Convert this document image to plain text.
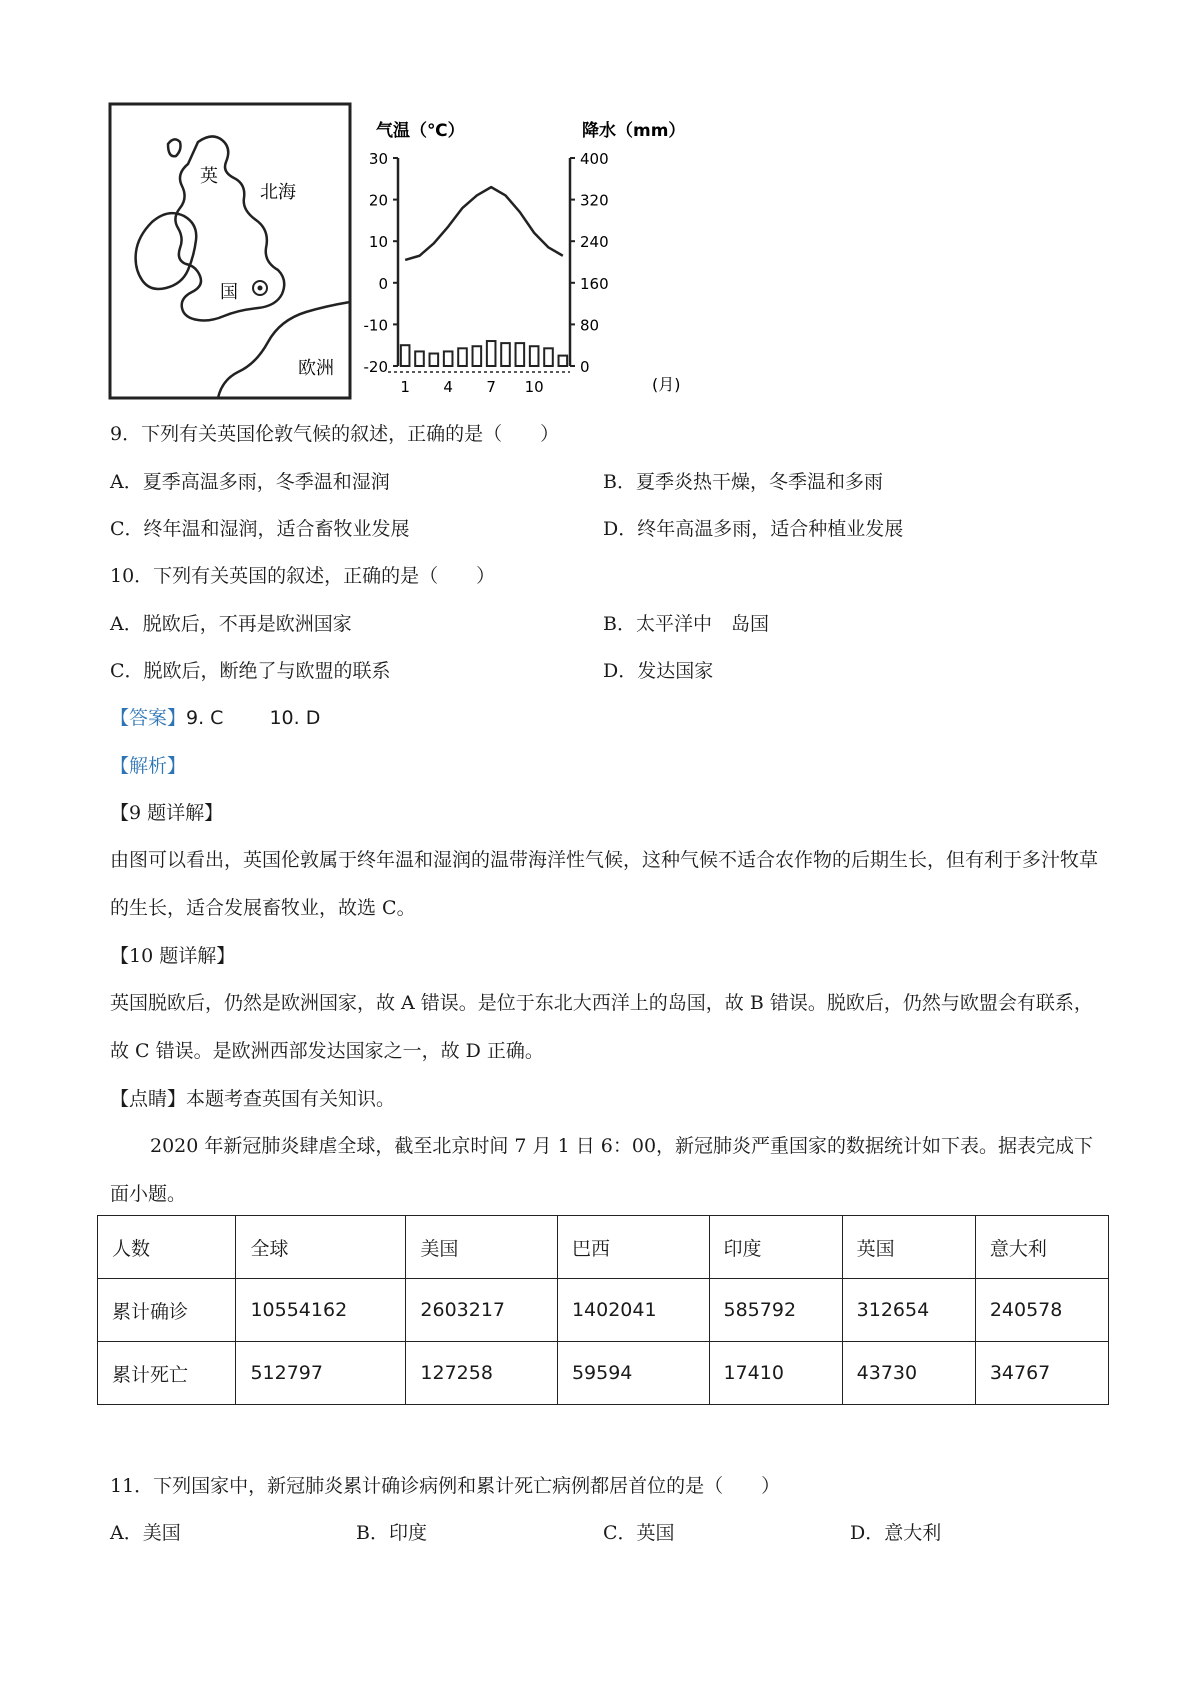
英
国
北海
欧洲
气温（℃）	降水（mm）
30
20
10
0
-10
-20
400
320
240
160
80
0
1 4 7 10	(月)
9．下列有关英国伦敦气候的叙述，正确的是（　　）
A．夏季高温多雨，冬季温和湿润	B．夏季炎热干燥，冬季温和多雨
C．终年温和湿润，适合畜牧业发展	D．终年高温多雨，适合种植业发展
10．下列有关英国的叙述，正确的是（　　）
A．脱欧后，不再是欧洲国家	B．太平洋中　岛国
C．脱欧后，断绝了与欧盟的联系	D．发达国家
【答案】9. C 10. D
【解析】
【9 题详解】
由图可以看出，英国伦敦属于终年温和湿润的温带海洋性气候，这种气候不适合农作物的后期生长，但有利于多汁牧草的生长，适合发展畜牧业，故选 C。
【10 题详解】
英国脱欧后，仍然是欧洲国家，故 A 错误。是位于东北大西洋上的岛国，故 B 错误。脱欧后，仍然与欧盟会有联系，故 C 错误。是欧洲西部发达国家之一，故 D 正确。
【点睛】本题考查英国有关知识。
2020 年新冠肺炎肆虐全球，截至北京时间 7 月 1 日 6：00，新冠肺炎严重国家的数据统计如下表。据表完成下面小题。
人数	全球	美国	巴西	印度	英国	意大利
累计确诊	10554162	2603217	1402041	585792	312654	240578
累计死亡	512797	127258	59594	17410	43730	34767
11．下列国家中，新冠肺炎累计确诊病例和累计死亡病例都居首位的是（　　）
A．美国	B．印度	C．英国	D．意大利
